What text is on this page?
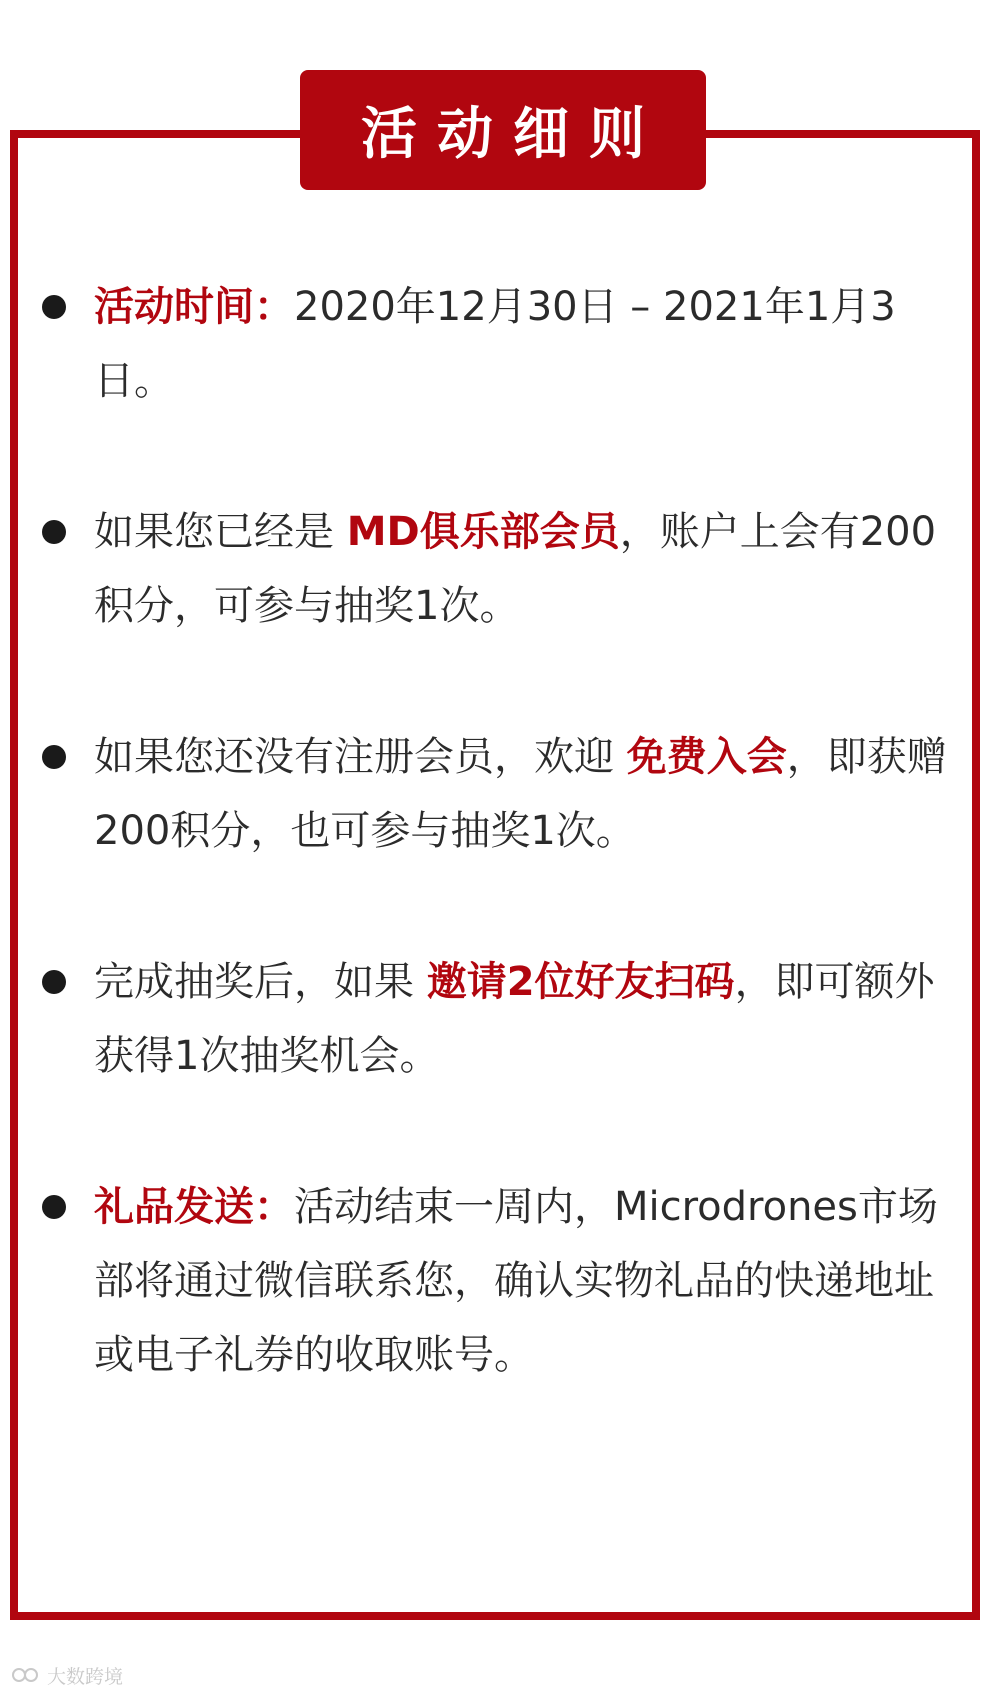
活动细则
活动时间：2020年12月30日 – 2021年1月3日。
如果您已经是 MD俱乐部会员，账户上会有200积分，可参与抽奖1次。
如果您还没有注册会员，欢迎 免费入会，即获赠200积分，也可参与抽奖1次。
完成抽奖后，如果 邀请2位好友扫码，即可额外获得1次抽奖机会。
礼品发送：活动结束一周内，Microdrones市场部将通过微信联系您，确认实物礼品的快递地址或电子礼券的收取账号。
大数跨境
